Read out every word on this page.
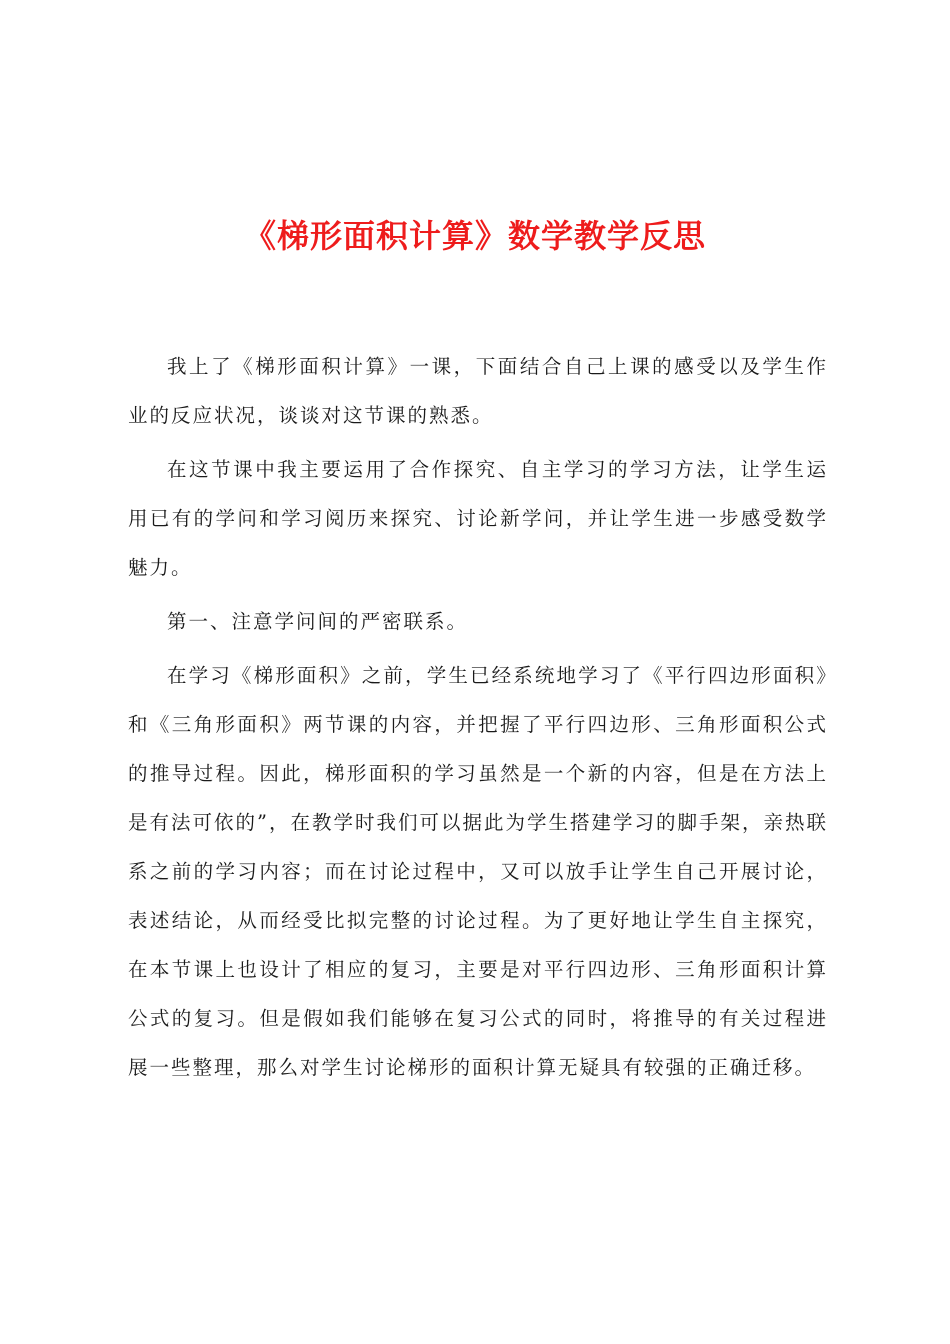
《梯形面积计算》数学教学反思

我上了《梯形面积计算》一课，下面结合自己上课的感受以及学生作业的反应状况，谈谈对这节课的熟悉。

在这节课中我主要运用了合作探究、自主学习的学习方法，让学生运用已有的学问和学习阅历来探究、讨论新学问，并让学生进一步感受数学魅力。

第一、注意学问间的严密联系。

在学习《梯形面积》之前，学生已经系统地学习了《平行四边形面积》和《三角形面积》两节课的内容，并把握了平行四边形、三角形面积公式的推导过程。因此，梯形面积的学习虽然是一个新的内容，但是在方法上是有法可依的”，在教学时我们可以据此为学生搭建学习的脚手架，亲热联系之前的学习内容；而在讨论过程中，又可以放手让学生自己开展讨论，表述结论，从而经受比拟完整的讨论过程。为了更好地让学生自主探究，在本节课上也设计了相应的复习，主要是对平行四边形、三角形面积计算公式的复习。但是假如我们能够在复习公式的同时，将推导的有关过程进展一些整理，那么对学生讨论梯形的面积计算无疑具有较强的正确迁移。
